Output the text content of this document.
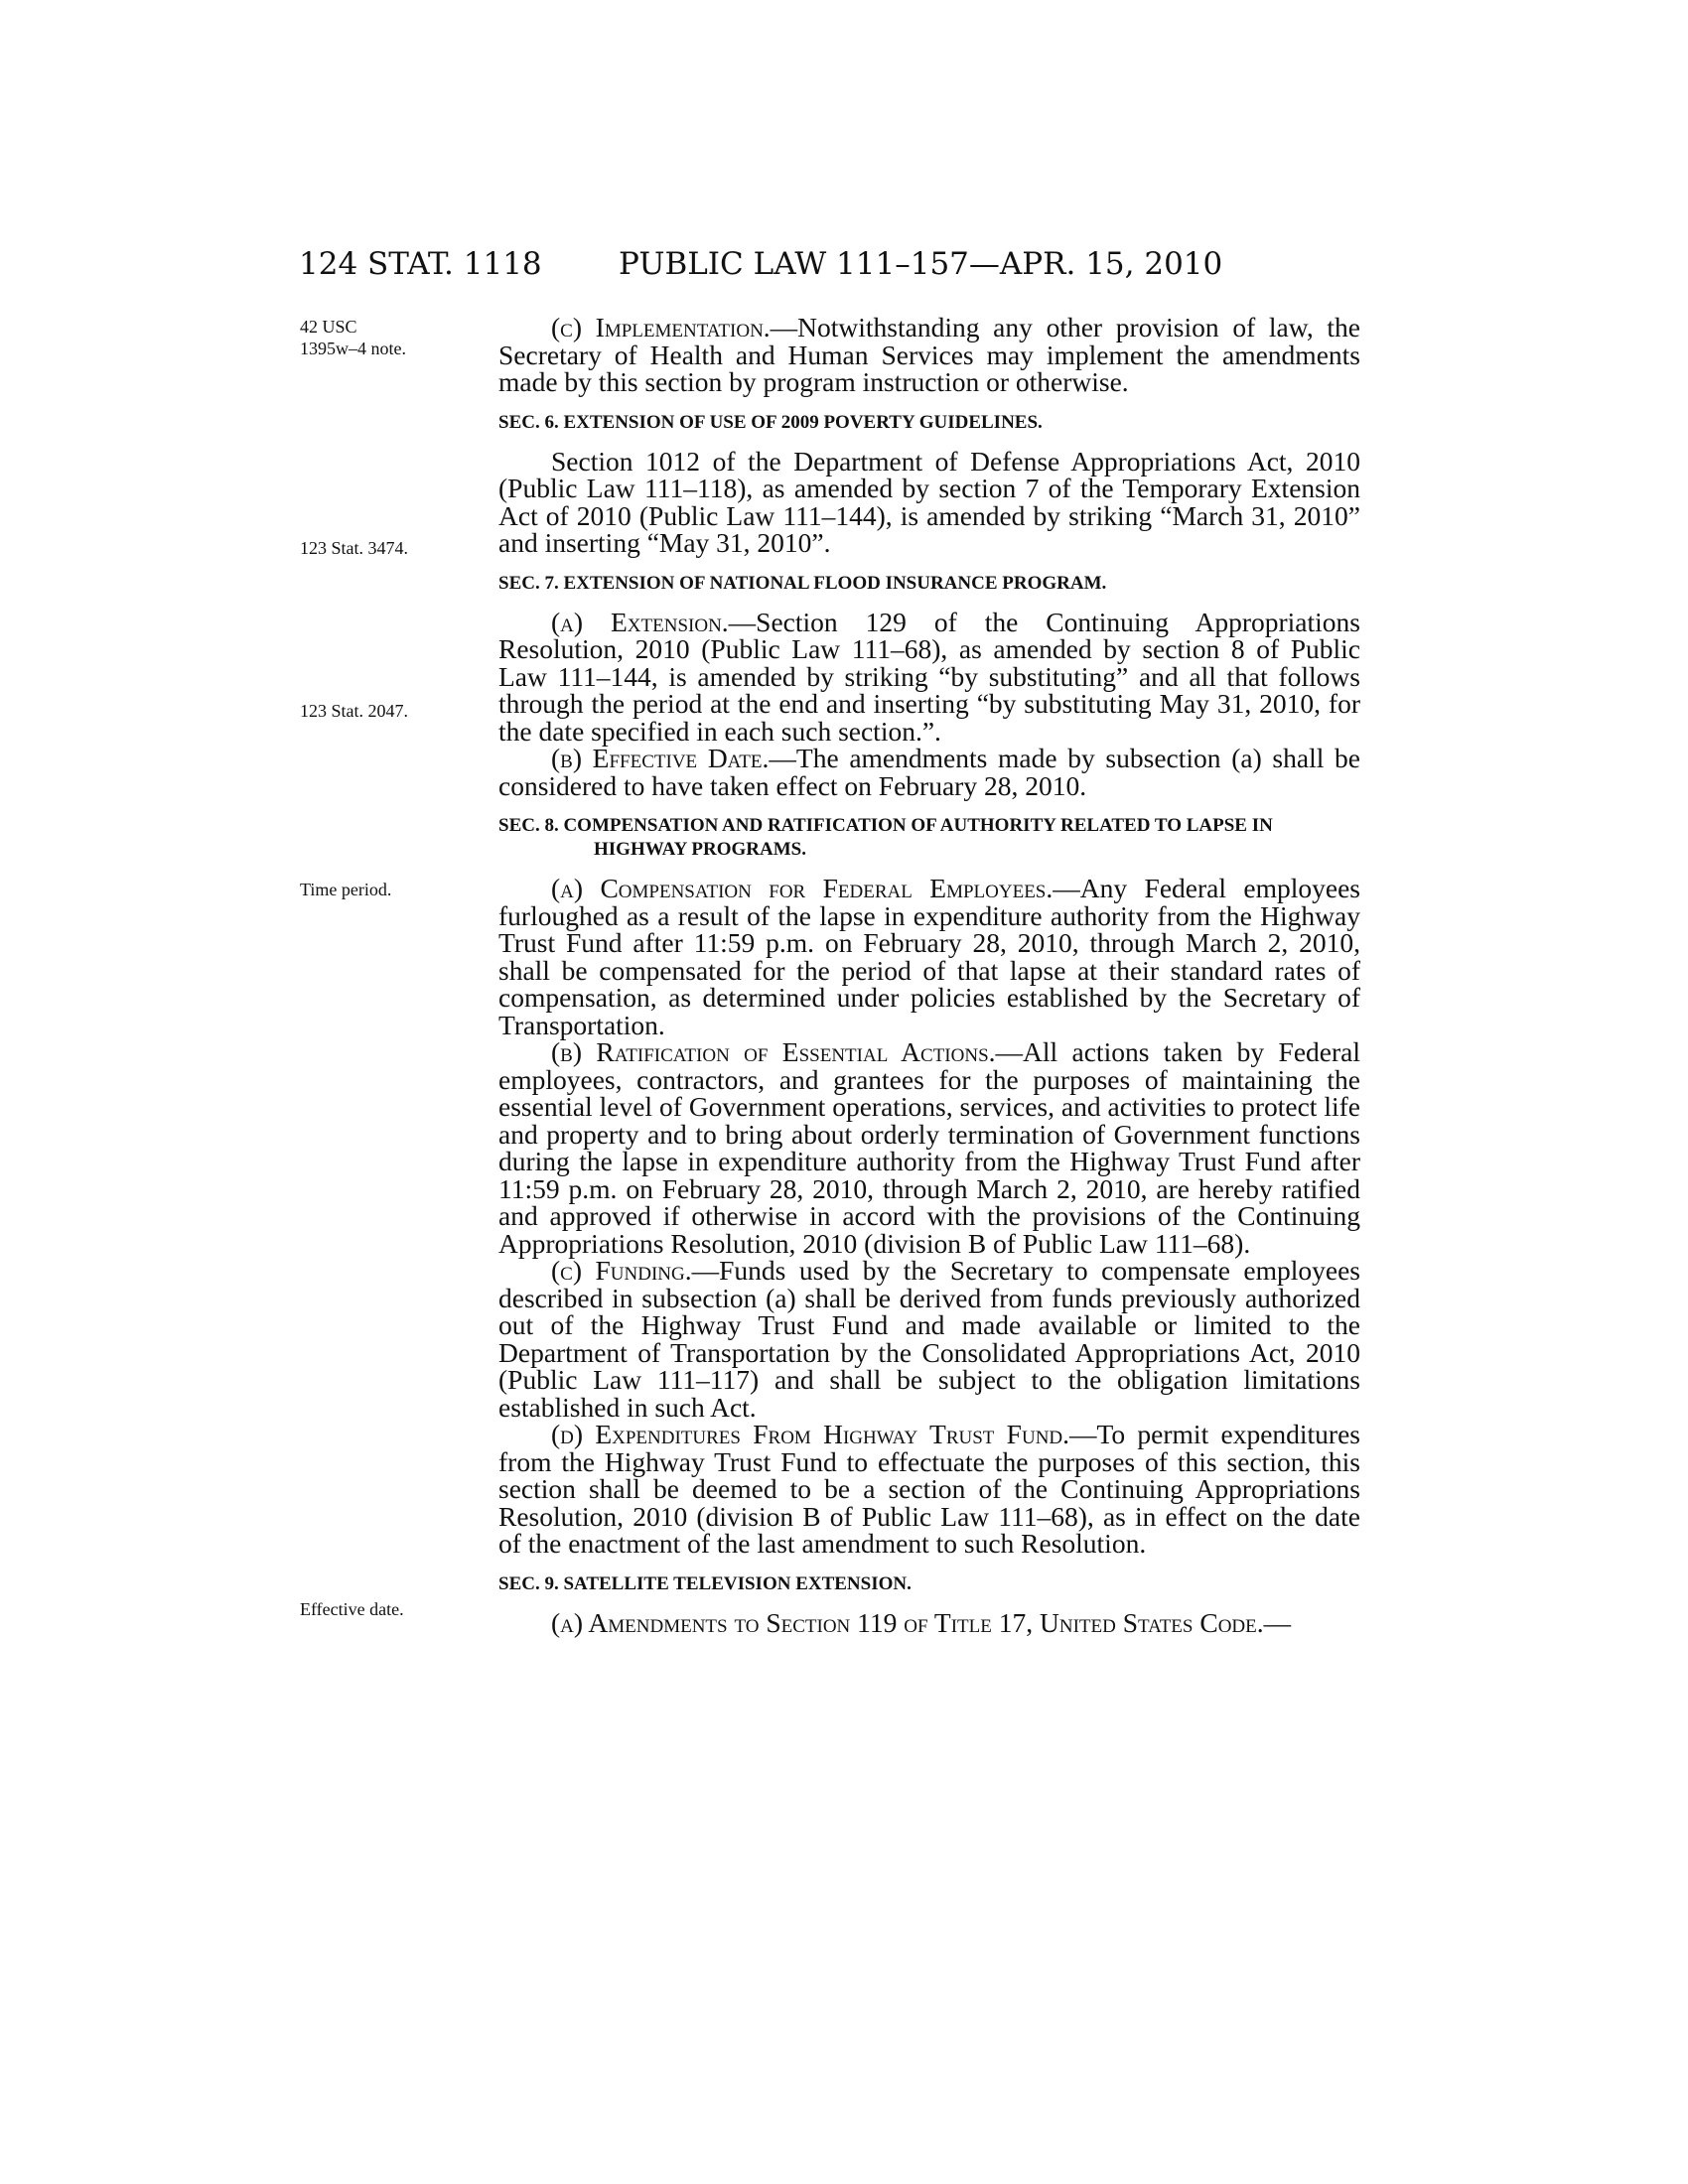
124 STAT. 1118 PUBLIC LAW 111–157—APR. 15, 2010
42 USC
1395w–4 note.
123 Stat. 3474.
123 Stat. 2047.
Time period.
Effective date.

(c) Implementation.—Notwithstanding any other provision of law, the Secretary of Health and Human Services may implement the amendments made by this section by program instruction or otherwise.

SEC. 6. EXTENSION OF USE OF 2009 POVERTY GUIDELINES.

Section 1012 of the Department of Defense Appropriations Act, 2010 (Public Law 111–118), as amended by section 7 of the Temporary Extension Act of 2010 (Public Law 111–144), is amended by striking “March 31, 2010” and inserting “May 31, 2010”.

SEC. 7. EXTENSION OF NATIONAL FLOOD INSURANCE PROGRAM.

(a) Extension.—Section 129 of the Continuing Appropriations Resolution, 2010 (Public Law 111–68), as amended by section 8 of Public Law 111–144, is amended by striking “by substituting” and all that follows through the period at the end and inserting “by substituting May 31, 2010, for the date specified in each such section.”.

(b) Effective Date.—The amendments made by subsection (a) shall be considered to have taken effect on February 28, 2010.

SEC. 8. COMPENSATION AND RATIFICATION OF AUTHORITY RELATED TO LAPSE IN HIGHWAY PROGRAMS.

(a) Compensation for Federal Employees.—Any Federal employees furloughed as a result of the lapse in expenditure authority from the Highway Trust Fund after 11:59 p.m. on February 28, 2010, through March 2, 2010, shall be compensated for the period of that lapse at their standard rates of compensation, as determined under policies established by the Secretary of Transportation.

(b) Ratification of Essential Actions.—All actions taken by Federal employees, contractors, and grantees for the purposes of maintaining the essential level of Government operations, services, and activities to protect life and property and to bring about orderly termination of Government functions during the lapse in expenditure authority from the Highway Trust Fund after 11:59 p.m. on February 28, 2010, through March 2, 2010, are hereby ratified and approved if otherwise in accord with the provisions of the Continuing Appropriations Resolution, 2010 (division B of Public Law 111–68).

(c) Funding.—Funds used by the Secretary to compensate employees described in subsection (a) shall be derived from funds previously authorized out of the Highway Trust Fund and made available or limited to the Department of Transportation by the Consolidated Appropriations Act, 2010 (Public Law 111–117) and shall be subject to the obligation limitations established in such Act.

(d) Expenditures From Highway Trust Fund.—To permit expenditures from the Highway Trust Fund to effectuate the purposes of this section, this section shall be deemed to be a section of the Continuing Appropriations Resolution, 2010 (division B of Public Law 111–68), as in effect on the date of the enactment of the last amendment to such Resolution.

SEC. 9. SATELLITE TELEVISION EXTENSION.

(a) Amendments to Section 119 of Title 17, United States Code.—
